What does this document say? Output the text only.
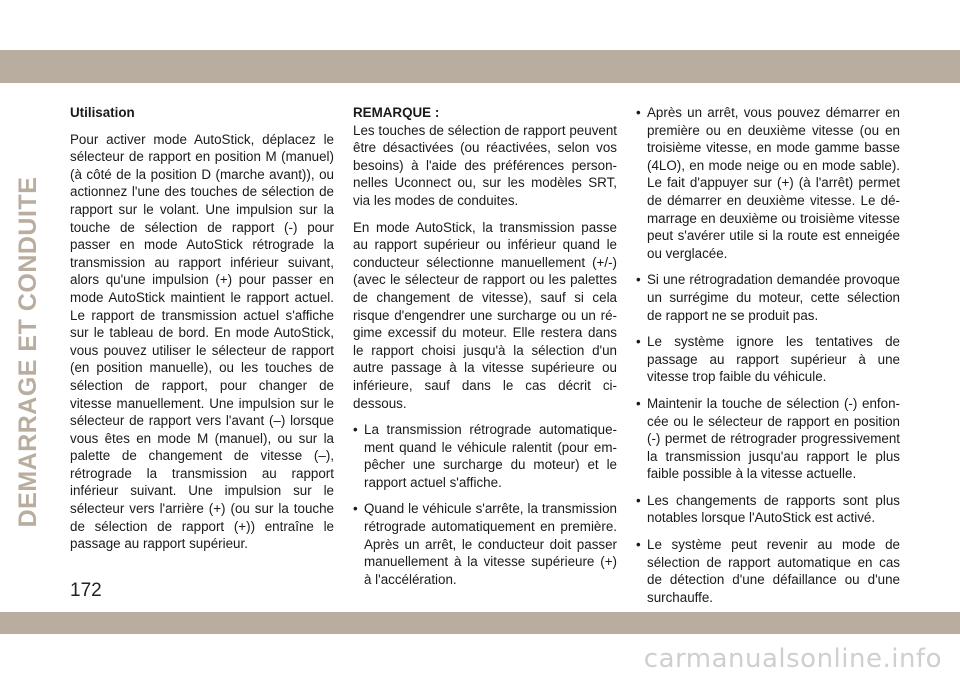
DEMARRAGE ET CONDUITE
Utilisation
Pour activer mode AutoStick, déplacez le sélecteur de rapport en position M (manuel) (à côté de la position D (marche avant)), ou actionnez l'une des touches de sélection de rapport sur le volant. Une impulsion sur la touche de sélection de rapport (-) pour passer en mode AutoStick rétrograde la transmission au rapport inférieur suivant, alors qu'une impulsion (+) pour passer en mode AutoStick maintient le rapport actuel. Le rapport de transmission actuel s'affiche sur le tableau de bord. En mode AutoStick, vous pouvez utiliser le sélecteur de rapport (en position manuelle), ou les touches de sélection de rapport, pour changer de vitesse manuellement. Une impulsion sur le sélecteur de rapport vers l'avant (–) lorsque vous êtes en mode M (manuel), ou sur la palette de changement de vitesse (–), rétrograde la transmission au rapport inférieur suivant. Une impulsion sur le sélecteur vers l'arrière (+) (ou sur la touche de sélection de rapport (+)) entraîne le passage au rapport supérieur.
REMARQUE :
Les touches de sélection de rapport peuvent être désactivées (ou réactivées, selon vos besoins) à l'aide des préférences personnelles Uconnect ou, sur les modèles SRT, via les modes de conduites.
En mode AutoStick, la transmission passe au rapport supérieur ou inférieur quand le conducteur sélectionne manuellement (+/-) (avec le sélecteur de rapport ou les palettes de changement de vitesse), sauf si cela risque d'engendrer une surcharge ou un régime excessif du moteur. Elle restera dans le rapport choisi jusqu'à la sélection d'un autre passage à la vitesse supérieure ou inférieure, sauf dans le cas décrit ci-dessous.
• La transmission rétrograde automatiquement quand le véhicule ralentit (pour empêcher une surcharge du moteur) et le rapport actuel s'affiche.
• Quand le véhicule s'arrête, la transmission rétrograde automatiquement en première. Après un arrêt, le conducteur doit passer manuellement à la vitesse supérieure (+) à l'accélération.
• Après un arrêt, vous pouvez démarrer en première ou en deuxième vitesse (ou en troisième vitesse, en mode gamme basse (4LO), en mode neige ou en mode sable). Le fait d'appuyer sur (+) (à l'arrêt) permet de démarrer en deuxième vitesse. Le démarrage en deuxième ou troisième vitesse peut s'avérer utile si la route est enneigée ou verglacée.
• Si une rétrogradation demandée provoque un surrégime du moteur, cette sélection de rapport ne se produit pas.
• Le système ignore les tentatives de passage au rapport supérieur à une vitesse trop faible du véhicule.
• Maintenir la touche de sélection (-) enfoncée ou le sélecteur de rapport en position (-) permet de rétrograder progressivement la transmission jusqu'au rapport le plus faible possible à la vitesse actuelle.
• Les changements de rapports sont plus notables lorsque l'AutoStick est activé.
• Le système peut revenir au mode de sélection de rapport automatique en cas de détection d'une défaillance ou d'une surchauffe.
172
carmanualsonline.info
